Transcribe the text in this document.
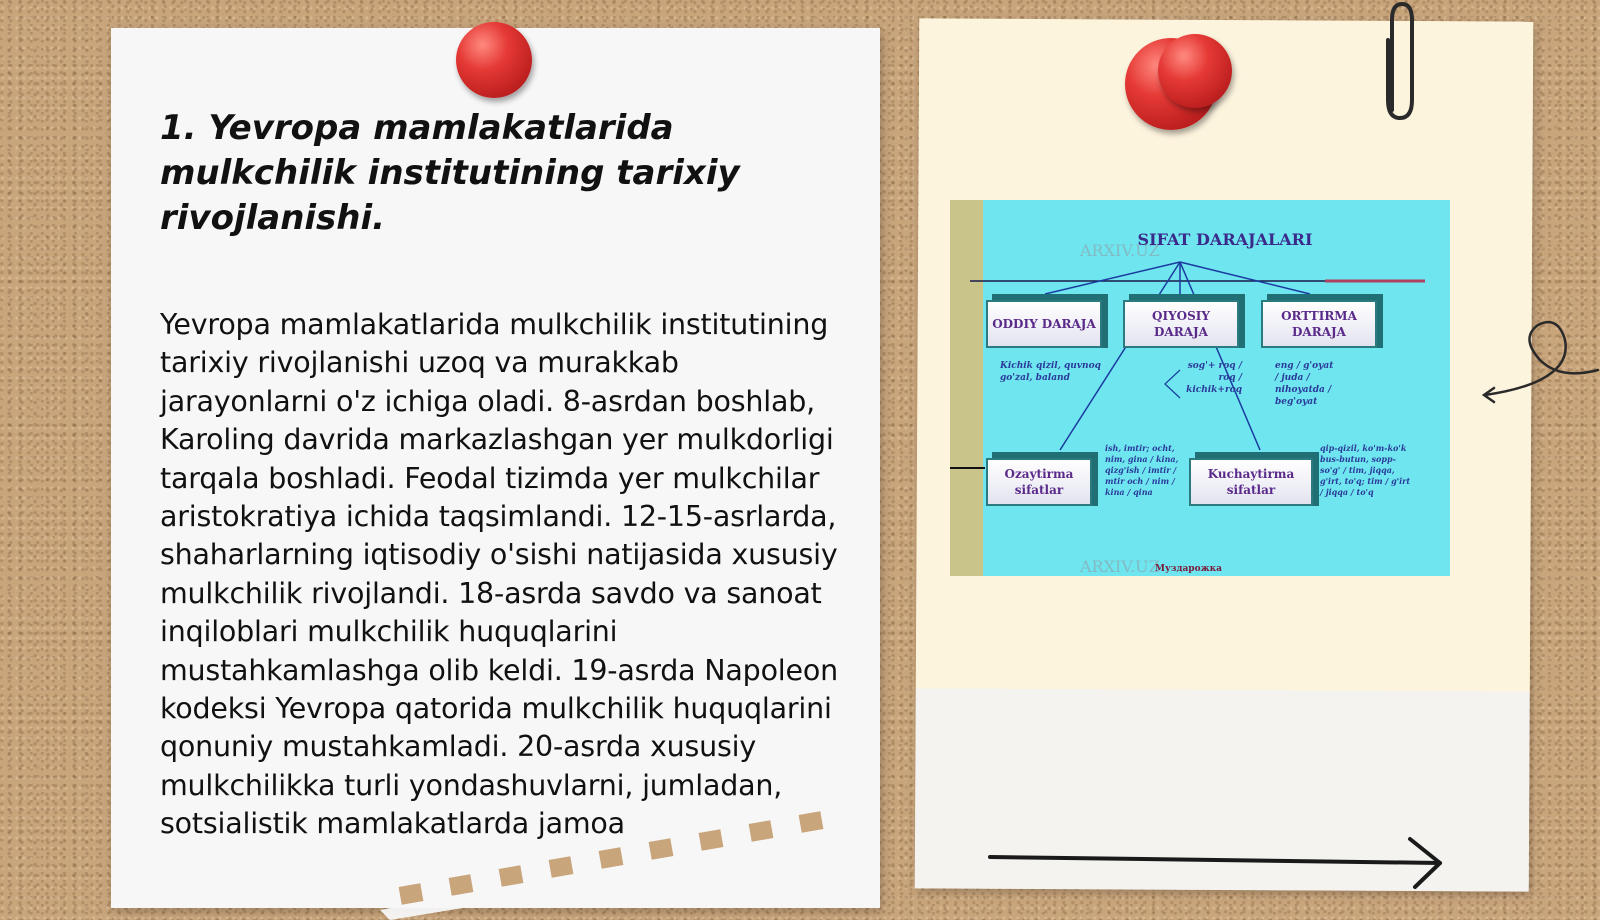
1. Yevropa mamlakatlarida mulkchilik institutining tarixiy rivojlanishi.

Yevropa mamlakatlarida mulkchilik institutining tarixiy rivojlanishi uzoq va murakkab jarayonlarni o'z ichiga oladi. 8-asrdan boshlab, Karoling davrida markazlashgan yer mulkdorligi tarqala boshladi. Feodal tizimda yer mulkchilar aristokratiya ichida taqsimlandi. 12-15-asrlarda, shaharlarning iqtisodiy o'sishi natijasida xususiy mulkchilik rivojlandi. 18-asrda savdo va sanoat inqiloblari mulkchilik huquqlarini mustahkamlashga olib keldi. 19-asrda Napoleon kodeksi Yevropa qatorida mulkchilik huquqlarini qonuniy mustahkamladi. 20-asrda xususiy mulkchilikka turli yondashuvlarni, jumladan, sotsialistik mamlakatlarda jamoa

ARXIV.UZ
ARXIV.UZ
SIFAT DARAJALARI
ODDIY DARAJA
QIYOSIY DARAJA
ORTTIRMA DARAJA
Ozaytirma sifatlar
Kuchaytirma sifatlar
Kichik qizil, quvnoq go'zal, baland
sog'+ roq / roq / kichik+roq
eng / g'oyat / juda / nihoyatda / beg'oyat
ish, imtir; ocht, nim, gina / kina, qizg'ish / imtir / mtir och / nim / kina / qina
qip-qizil, ko'm-ko'k bus-butun, sopp-so'g' / tim, jiqqa, g'irt, to'q; tim / g'irt / jiqqa / to'q
Муздарожка
